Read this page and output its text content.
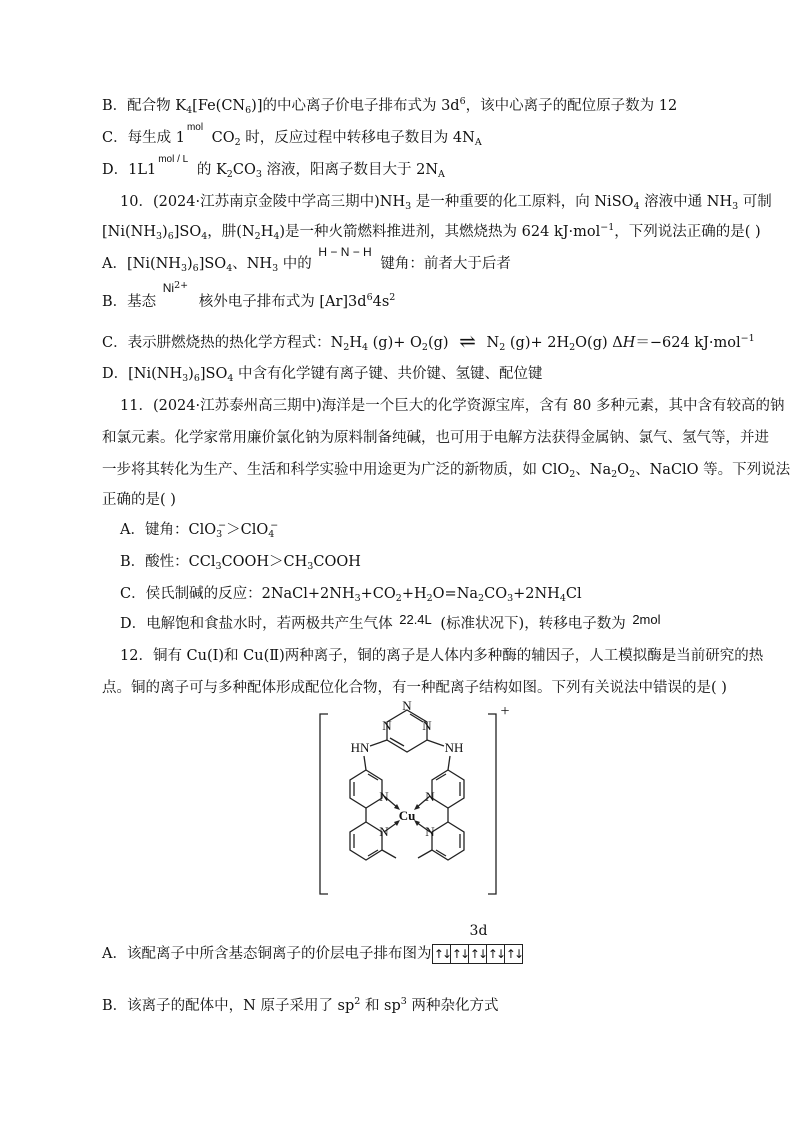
B．配合物 $K_4[Fe(CN_6)]$的中心离子价电子排布式为 $3d^6$，该中心离子的配位原子数为 12
C．每生成 $1^{mol}$ $CO_2$ 时，反应过程中转移电子数目为 $4N_A$
D．$1L1^{mol / L}$ 的 $K_2CO_3$ 溶液，阳离子数目大于 $2N_A$
10．(2024·江苏南京金陵中学高三期中)$NH_3$ 是一种重要的化工原料，向 NiSO$_4$ 溶液中通 $NH_3$ 可制
$[Ni(NH_3)_6]SO_4$，肼$(N_2H_4)$是一种火箭燃料推进剂，其燃烧热为 624 kJ·mol$^{-1}$，下列说法正确的是( )
A．$[Ni(NH_3)_6]SO_4$、$NH_3$ 中的 $^{H - N - H}$ 键角：前者大于后者
B．基态 $^{Ni2+}$ 核外电子排布式为 $[Ar]3d^64s^2$
C．表示肼燃烧热的热化学方程式：$N_2H_4$ $(g)+ O_2(g)$ ⇌ $N_2$ $(g)+ 2H_2O(g)$ ΔH＝−624 kJ·mol$^{-1}$
D．$[Ni(NH_3)_6]SO_4$ 中含有化学键有离子键、共价键、氢键、配位键
11．(2024·江苏泰州高三期中)海洋是一个巨大的化学资源宝库，含有 80 多种元素，其中含有较高的钠
和氯元素。化学家常用廉价氯化钠为原料制备纯碱，也可用于电解方法获得金属钠、氯气、氢气等，并进
一步将其转化为生产、生活和科学实验中用途更为广泛的新物质，如 ClO$_2$、$Na_2O_2$、NaClO 等。下列说法
正确的是( )
A．键角：ClO$_3$−＞ClO$_4$−
B．酸性：$CCl_3COOH>CH_3COOH$
C．侯氏制碱的反应：$2NaCl+2NH_3+CO_2+H_2O=Na_2CO_3+2NH_4Cl$
D．电解饱和食盐水时，若两极共产生气体 22.4L (标准状况下)，转移电子数为 2mol
12．铜有 Cu(Ⅰ)和 Cu(Ⅱ)两种离子，铜的离子是人体内多种酶的辅因子，人工模拟酶是当前研究的热
点。铜的离子可与多种配体形成配位化合物，有一种配离子结构如图。下列有关说法中错误的是( )
N
N N
HN	NH
N	N
N	N
Cu
+
A．该配离子中所含基态铜离子的价层电子排布图为
3d
↑↓ ↑↓ ↑↓ ↑↓ ↑↓
B．该离子的配体中，N 原子采用了 $sp^2$ 和 $sp^3$ 两种杂化方式
